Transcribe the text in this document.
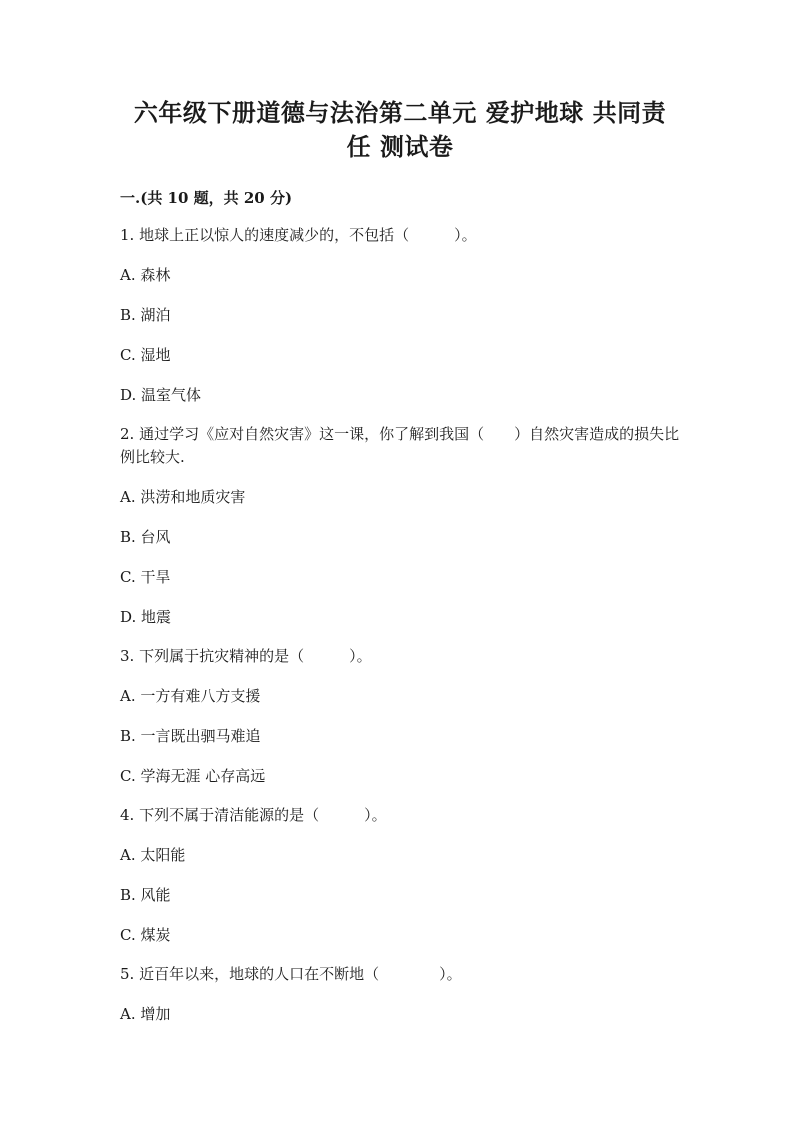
六年级下册道德与法治第二单元 爱护地球 共同责任 测试卷
一.(共 10 题，共 20 分)
1. 地球上正以惊人的速度减少的，不包括（　　　）。
A. 森林
B. 湖泊
C. 湿地
D. 温室气体
2. 通过学习《应对自然灾害》这一课，你了解到我国（　　）自然灾害造成的损失比例比较大.
A. 洪涝和地质灾害
B. 台风
C. 干旱
D. 地震
3. 下列属于抗灾精神的是（　　　）。
A. 一方有难八方支援
B. 一言既出驷马难追
C. 学海无涯 心存高远
4. 下列不属于清洁能源的是（　　　）。
A. 太阳能
B. 风能
C. 煤炭
5. 近百年以来，地球的人口在不断地（　　　　）。
A. 增加
